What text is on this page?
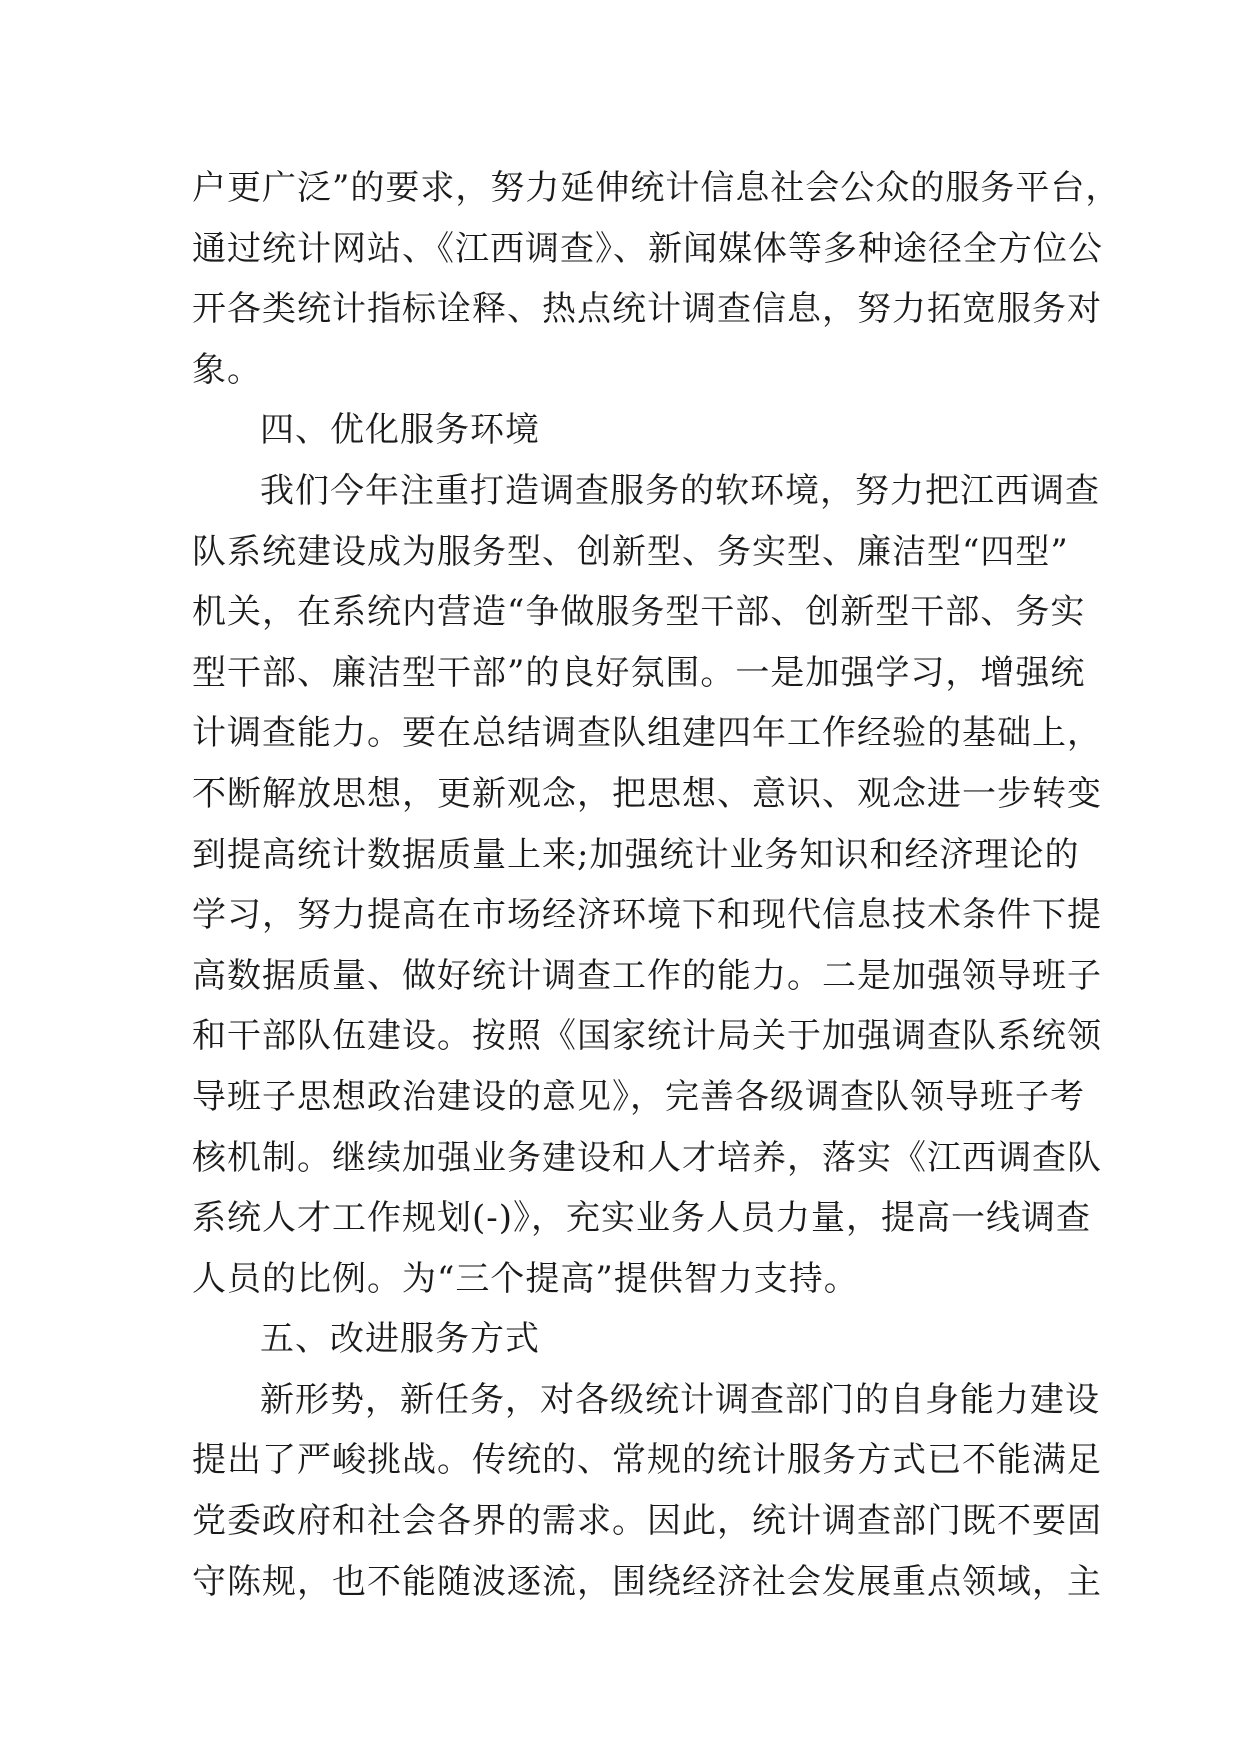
户更广泛”的要求，努力延伸统计信息社会公众的服务平台，
通过统计网站、《江西调查》、新闻媒体等多种途径全方位公
开各类统计指标诠释、热点统计调查信息，努力拓宽服务对
象。
四、优化服务环境
我们今年注重打造调查服务的软环境，努力把江西调查
队系统建设成为服务型、创新型、务实型、廉洁型“四型”
机关，在系统内营造“争做服务型干部、创新型干部、务实
型干部、廉洁型干部”的良好氛围。一是加强学习，增强统
计调查能力。要在总结调查队组建四年工作经验的基础上，
不断解放思想，更新观念，把思想、意识、观念进一步转变
到提高统计数据质量上来;加强统计业务知识和经济理论的
学习，努力提高在市场经济环境下和现代信息技术条件下提
高数据质量、做好统计调查工作的能力。二是加强领导班子
和干部队伍建设。按照《国家统计局关于加强调查队系统领
导班子思想政治建设的意见》，完善各级调查队领导班子考
核机制。继续加强业务建设和人才培养，落实《江西调查队
系统人才工作规划(-)》，充实业务人员力量，提高一线调查
人员的比例。为“三个提高”提供智力支持。
五、改进服务方式
新形势，新任务，对各级统计调查部门的自身能力建设
提出了严峻挑战。传统的、常规的统计服务方式已不能满足
党委政府和社会各界的需求。因此，统计调查部门既不要固
守陈规，也不能随波逐流，围绕经济社会发展重点领域，主
